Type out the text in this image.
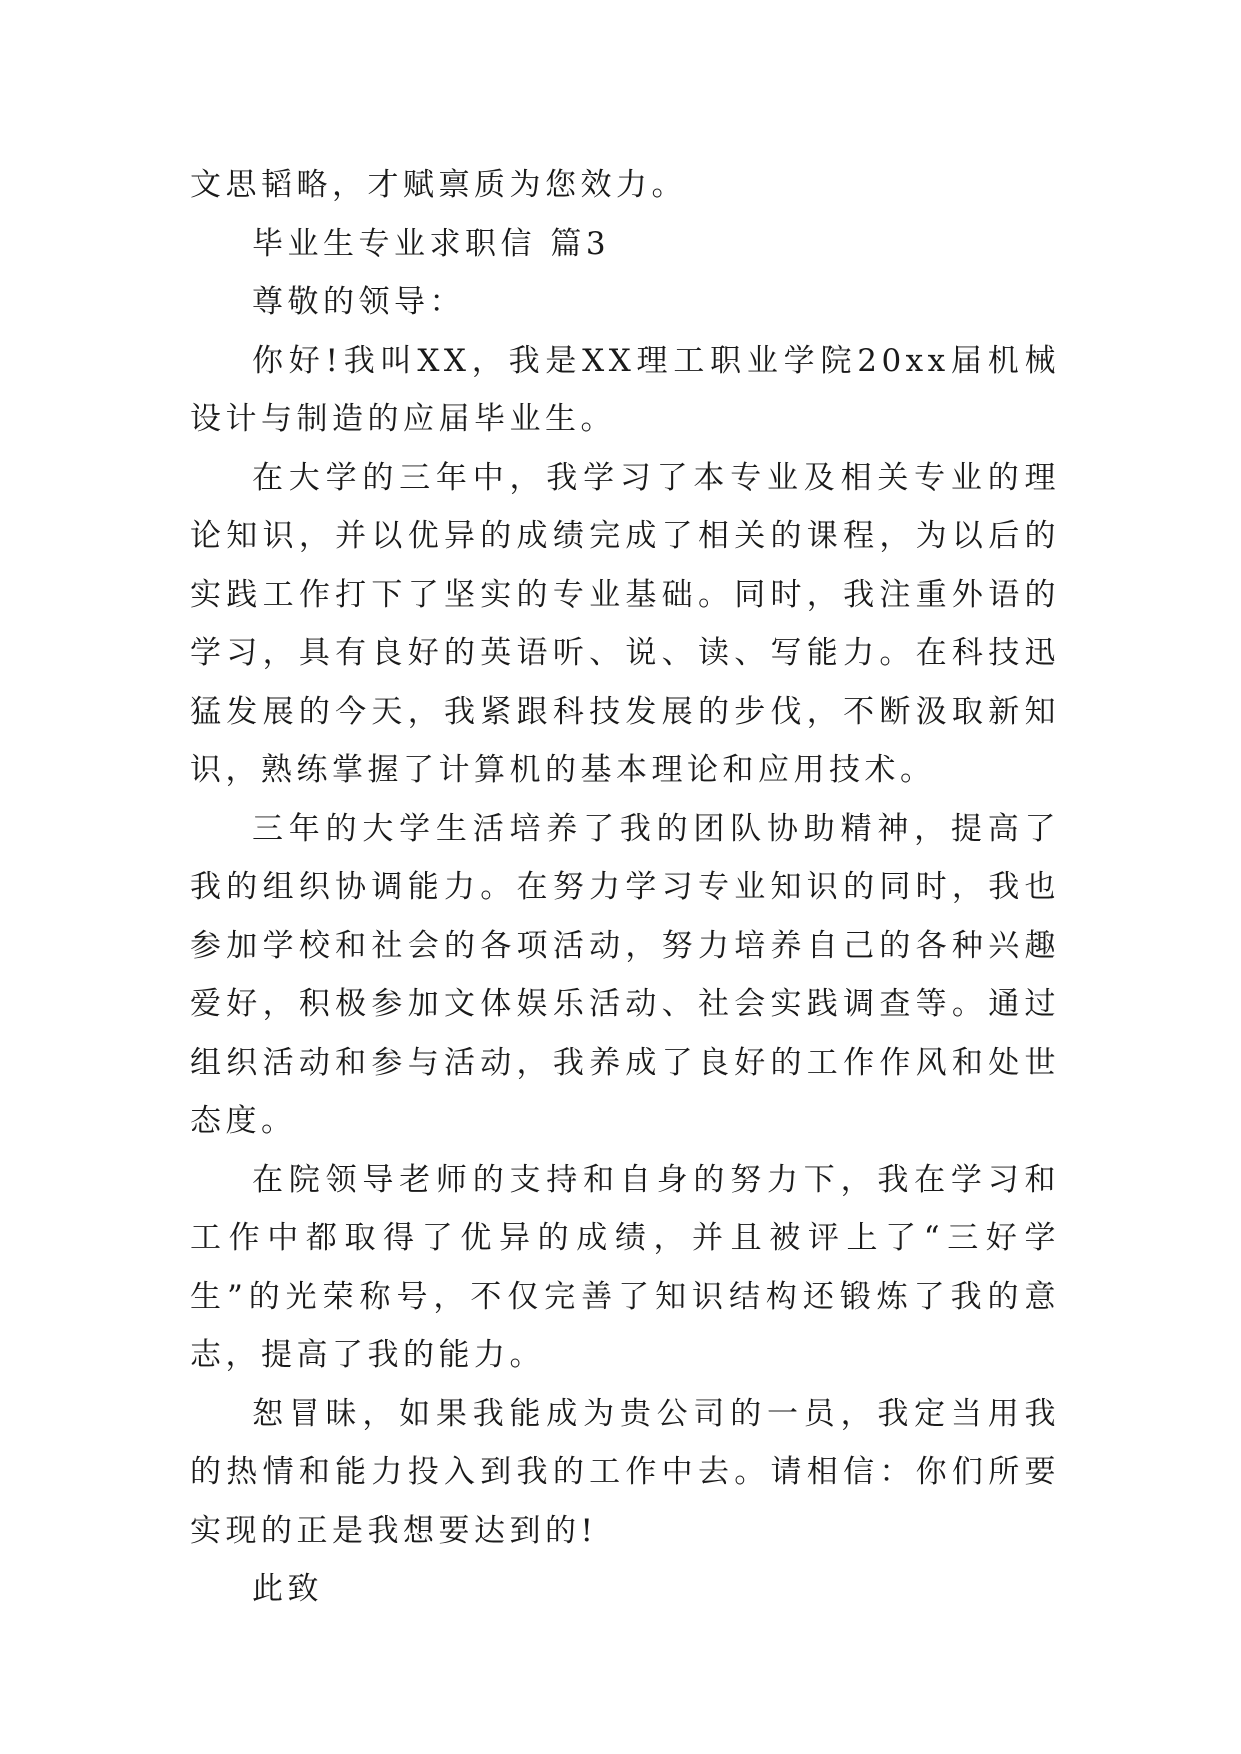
文思韬略，才赋禀质为您效力。

毕业生专业求职信 篇3

尊敬的领导：

你好!我叫XX，我是XX理工职业学院20xx届机械设计与制造的应届毕业生。

在大学的三年中，我学习了本专业及相关专业的理论知识，并以优异的成绩完成了相关的课程，为以后的实践工作打下了坚实的专业基础。同时，我注重外语的学习，具有良好的英语听、说、读、写能力。在科技迅猛发展的今天，我紧跟科技发展的步伐，不断汲取新知识，熟练掌握了计算机的基本理论和应用技术。

三年的大学生活培养了我的团队协助精神，提高了我的组织协调能力。在努力学习专业知识的同时，我也参加学校和社会的各项活动，努力培养自己的各种兴趣爱好，积极参加文体娱乐活动、社会实践调查等。通过组织活动和参与活动，我养成了良好的工作作风和处世态度。

在院领导老师的支持和自身的努力下，我在学习和工作中都取得了优异的成绩，并且被评上了“三好学生”的光荣称号，不仅完善了知识结构还锻炼了我的意志，提高了我的能力。

恕冒昧，如果我能成为贵公司的一员，我定当用我的热情和能力投入到我的工作中去。请相信：你们所要实现的正是我想要达到的!

此致
